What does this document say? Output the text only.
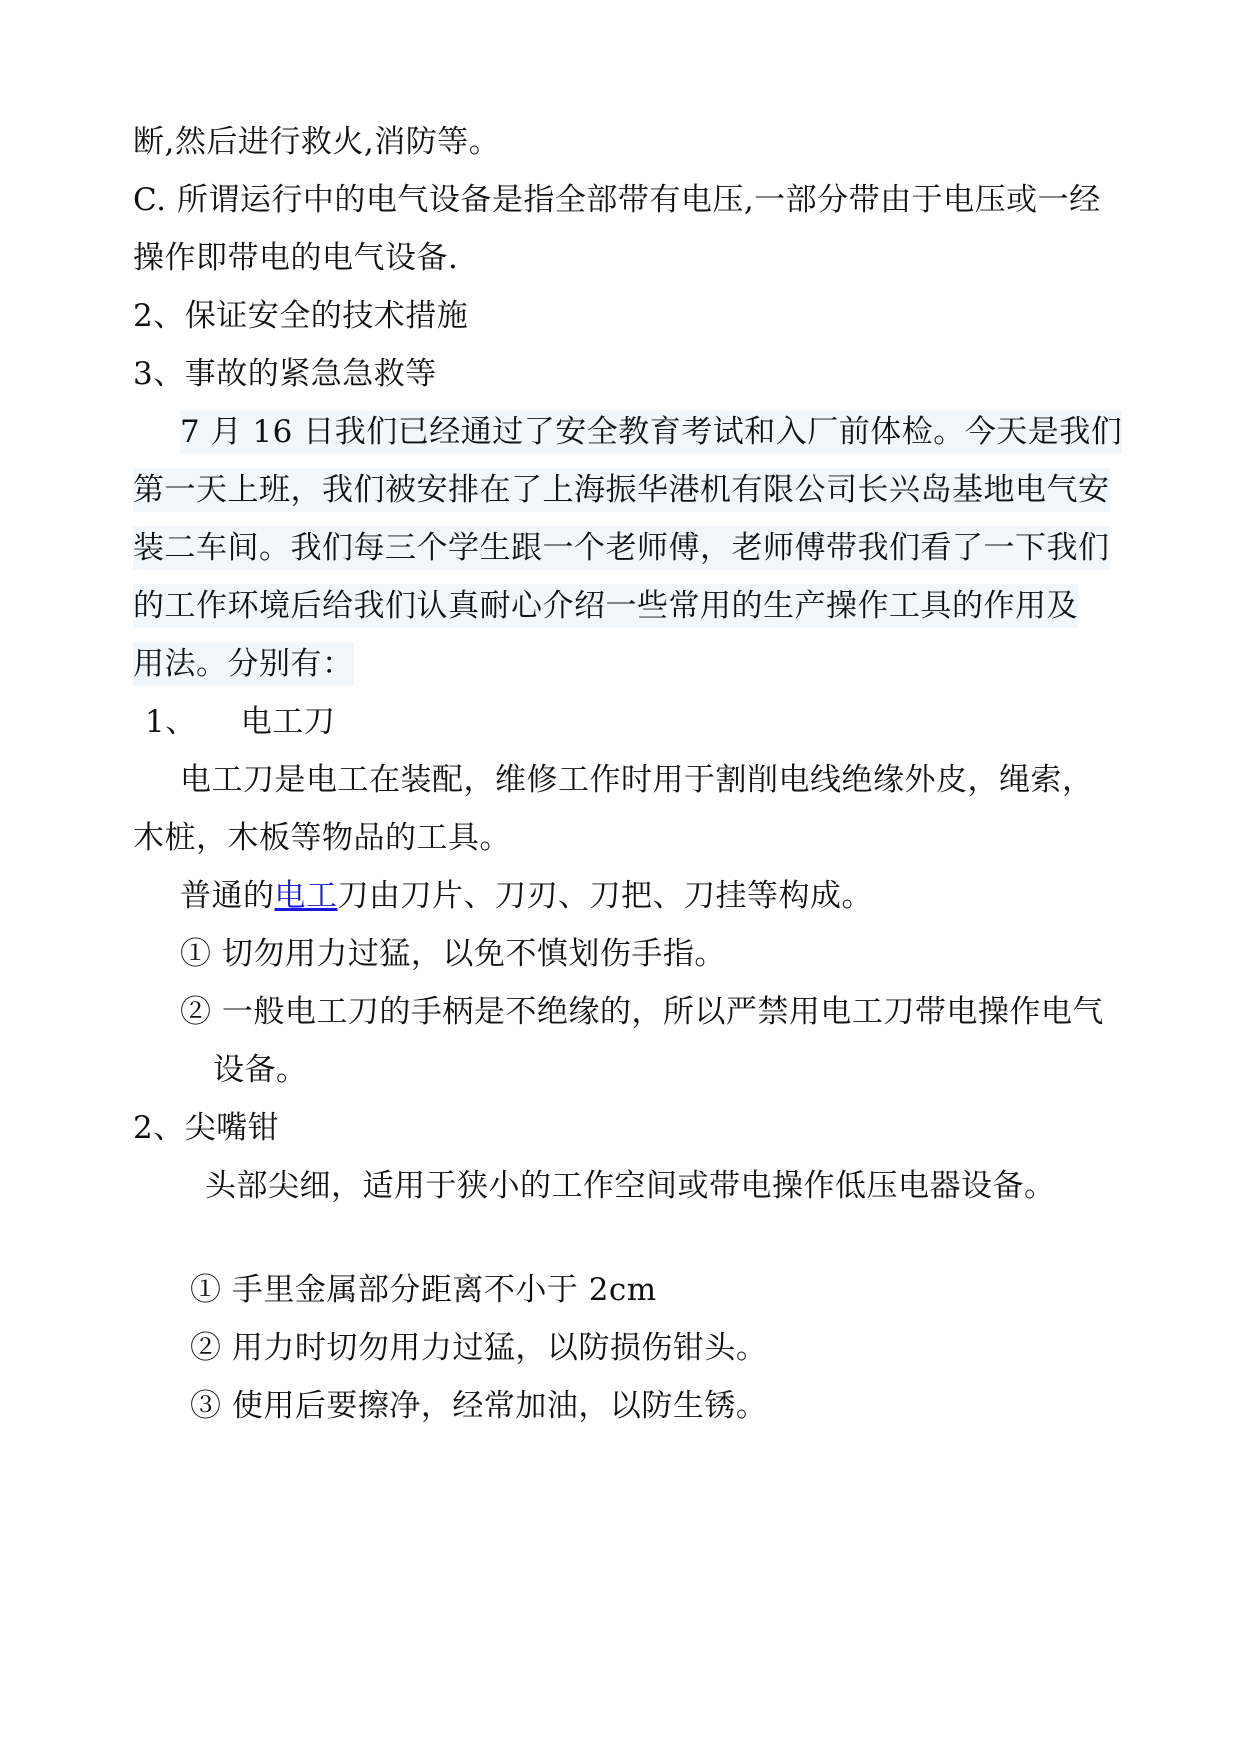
断,然后进行救火,消防等。
C. 所谓运行中的电气设备是指全部带有电压,一部分带由于电压或一经
操作即带电的电气设备.
2、保证安全的技术措施
3、事故的紧急急救等
7 月 16 日我们已经通过了安全教育考试和入厂前体检。今天是我们
第一天上班，我们被安排在了上海振华港机有限公司长兴岛基地电气安
装二车间。我们每三个学生跟一个老师傅，老师傅带我们看了一下我们
的工作环境后给我们认真耐心介绍一些常用的生产操作工具的作用及
用法。分别有：
1、 电工刀
电工刀是电工在装配，维修工作时用于割削电线绝缘外皮，绳索，
木桩，木板等物品的工具。
普通的电工刀由刀片、刀刃、刀把、刀挂等构成。
① 切勿用力过猛，以免不慎划伤手指。
② 一般电工刀的手柄是不绝缘的，所以严禁用电工刀带电操作电气
设备。
2、尖嘴钳
头部尖细，适用于狭小的工作空间或带电操作低压电器设备。
① 手里金属部分距离不小于 2cm
② 用力时切勿用力过猛，以防损伤钳头。
③ 使用后要擦净，经常加油，以防生锈。
